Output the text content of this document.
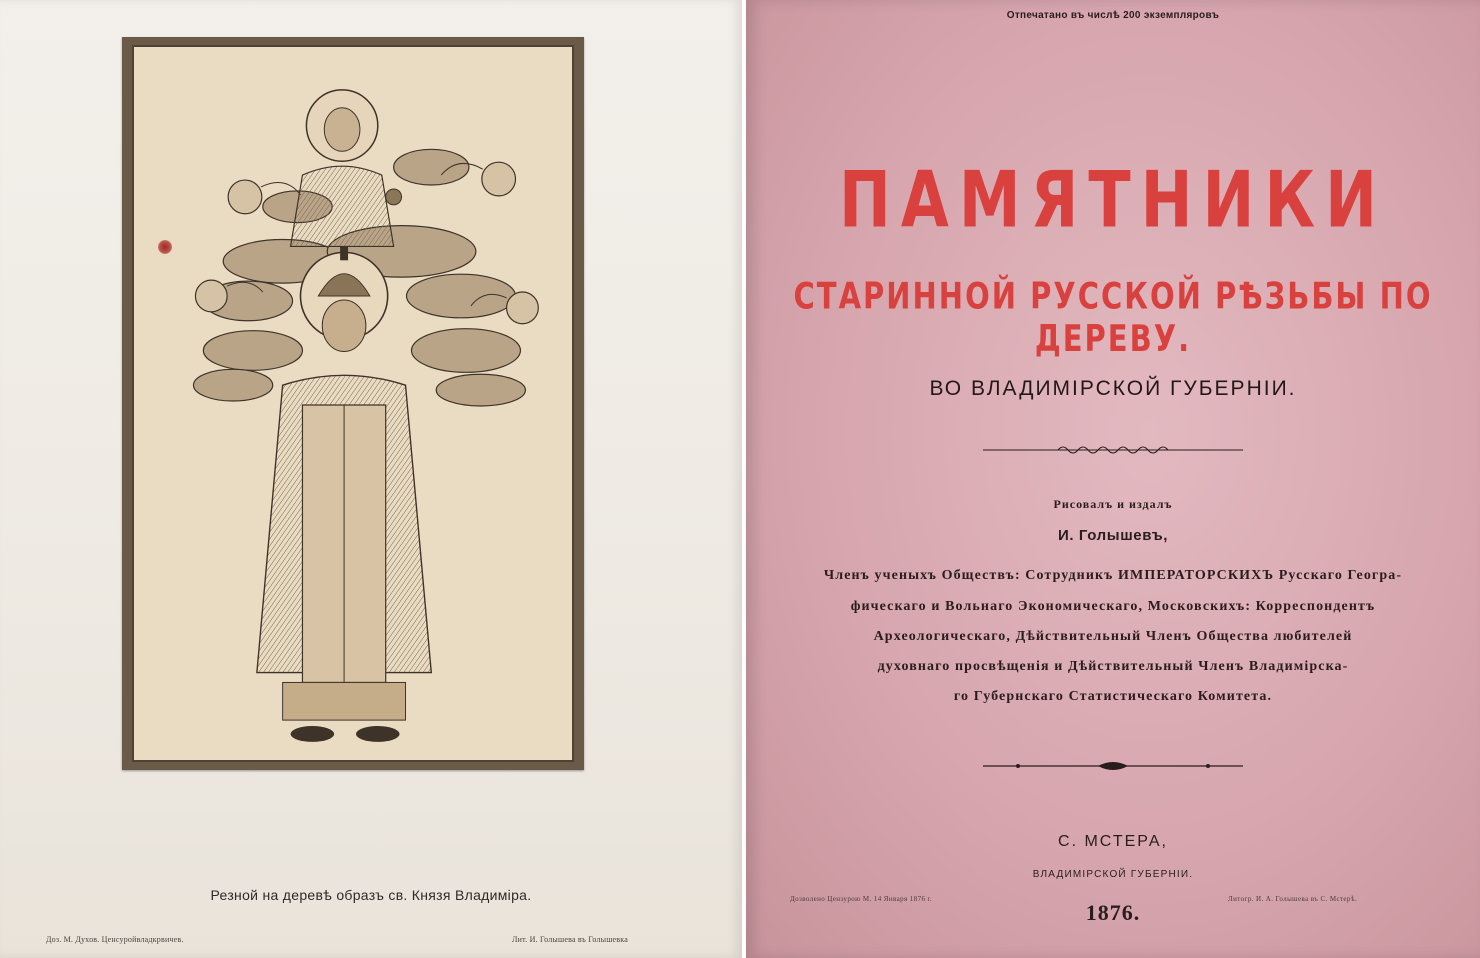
Резной на деревѣ образъ св. Князя Владиміра.
Доз. М. Духов. Ценсуройвладкрвичев.	Лит. И. Голышева въ Голышевка
Отпечатано въ числѣ 200 экземпляровъ
ПАМЯТНИКИ
СТАРИННОЙ РУССКОЙ РѢЗЬБЫ ПО ДЕРЕВУ.
ВО ВЛАДИМІРСКОЙ ГУБЕРНІИ.
Рисовалъ и издалъ
И. Голышевъ,
Членъ ученыхъ Обществъ: Сотрудникъ ИМПЕРАТОРСКИХЪ Русскаго Геогра-
фическаго и Вольнаго Экономическаго, Московскихъ: Корреспондентъ
Археологическаго, Дѣйствительный Членъ Общества любителей
духовнаго просвѣщенія и Дѣйствительный Членъ Владимірска-
го Губернскаго Статистическаго Комитета.
С. МСТЕРА,
ВЛАДИМІРСКОЙ ГУБЕРНІИ.
Дозволено Цензурою М. 14 Января 1876 г.	Литогр. И. А. Голышева въ С. Мстерѣ.
1876.
